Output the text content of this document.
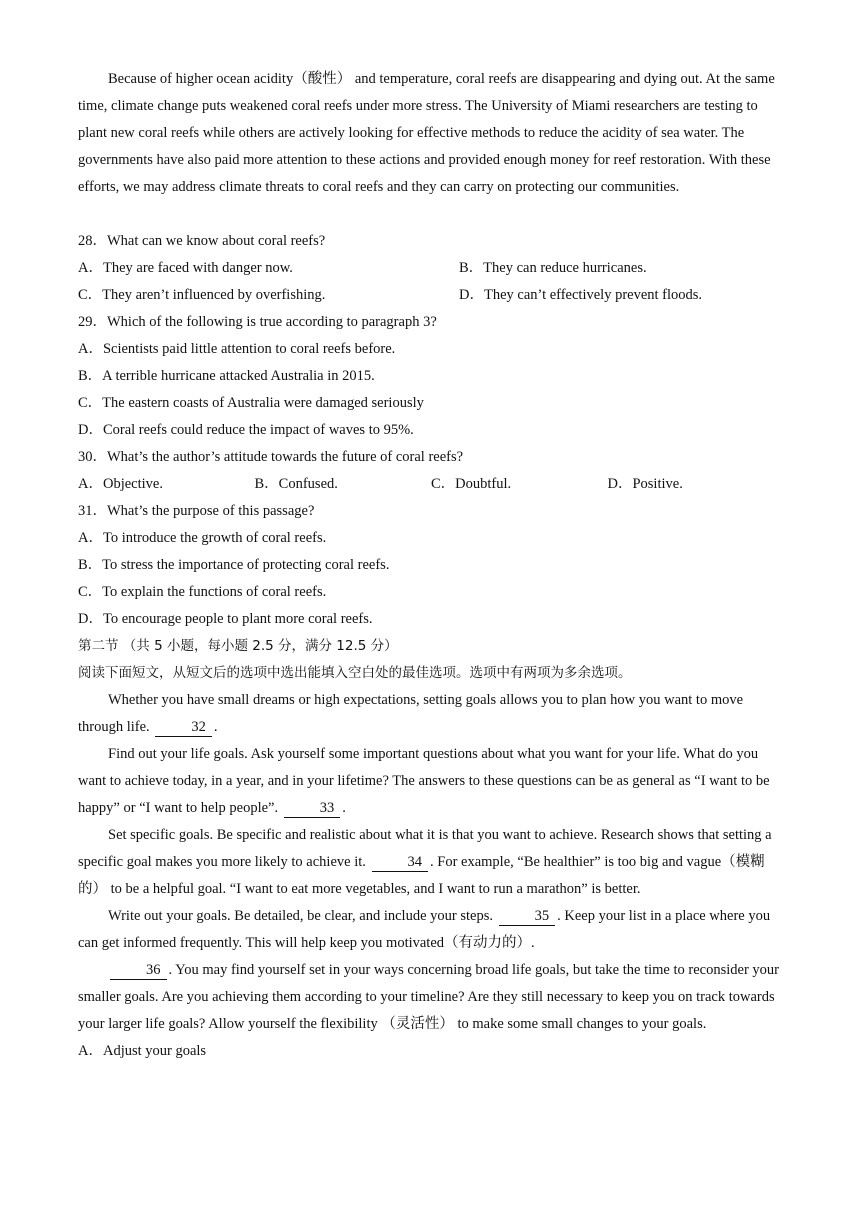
Because of higher ocean acidity（酸性） and temperature, coral reefs are disappearing and dying out. At the same time, climate change puts weakened coral reefs under more stress. The University of Miami researchers are testing to plant new coral reefs while others are actively looking for effective methods to reduce the acidity of sea water. The governments have also paid more attention to these actions and provided enough money for reef restoration. With these efforts, we may address climate threats to coral reefs and they can carry on protecting our communities.

28．What can we know about coral reefs?

A．They are faced with danger now.	B．They can reduce hurricanes.
C．They aren’t influenced by overfishing.	D．They can’t effectively prevent floods.

29．Which of the following is true according to paragraph 3?

A．Scientists paid little attention to coral reefs before.

B．A terrible hurricane attacked Australia in 2015.

C．The eastern coasts of Australia were damaged seriously

D．Coral reefs could reduce the impact of waves to 95%.

30．What’s the author’s attitude towards the future of coral reefs?

A．Objective.	B．Confused.	C．Doubtful.	D．Positive.

31．What’s the purpose of this passage?

A．To introduce the growth of coral reefs.

B．To stress the importance of protecting coral reefs.

C．To explain the functions of coral reefs.

D．To encourage people to plant more coral reefs.

第二节 （共 5 小题，每小题 2.5 分，满分 12.5 分）

阅读下面短文，从短文后的选项中选出能填入空白处的最佳选项。选项中有两项为多余选项。

Whether you have small dreams or high expectations, setting goals allows you to plan how you want to move through life.	32 .

Find out your life goals. Ask yourself some important questions about what you want for your life. What do you want to achieve today, in a year, and in your lifetime? The answers to these questions can be as general as “I want to be happy” or “I want to help people”.	33 .

Set specific goals. Be specific and realistic about what it is that you want to achieve. Research shows that setting a specific goal makes you more likely to achieve it.	34 . For example, “Be healthier” is too big and vague（模糊的） to be a helpful goal. “I want to eat more vegetables, and I want to run a marathon” is better.

Write out your goals. Be detailed, be clear, and include your steps.	35 . Keep your list in a place where you can get informed frequently. This will help keep you motivated（有动力的）.

36 . You may find yourself set in your ways concerning broad life goals, but take the time to reconsider your smaller goals. Are you achieving them according to your timeline? Are they still necessary to keep you on track towards your larger life goals? Allow yourself the flexibility （灵活性） to make some small changes to your goals.

A．Adjust your goals
